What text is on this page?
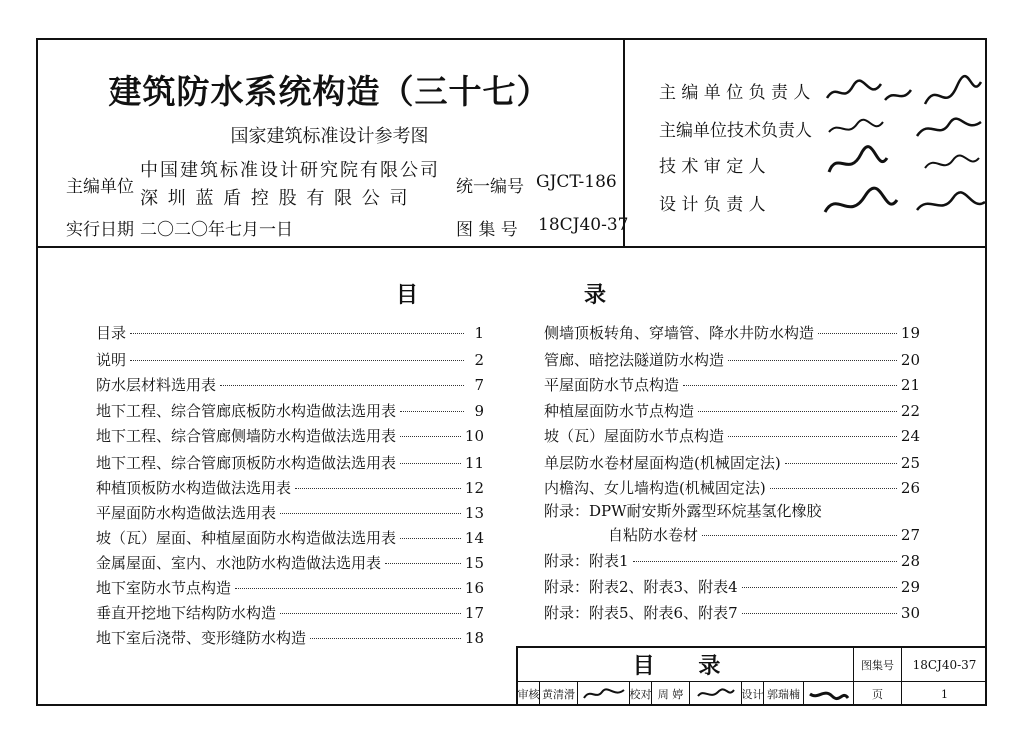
建筑防水系统构造（三十七）
国家建筑标准设计参考图
主编单位
中国建筑标准设计研究院有限公司
深 圳 蓝 盾 控 股 有 限 公 司
统一编号 GJCT-186
实行日期 二〇二〇年七月一日	图 集 号 18CJ40-37
主 编 单 位 负 责 人
主编单位技术负责人
技 术 审 定 人
设 计 负 责 人
目	录
目录	1
说明	2
防水层材料选用表	7
地下工程、综合管廊底板防水构造做法选用表	9
地下工程、综合管廊侧墙防水构造做法选用表	10
地下工程、综合管廊顶板防水构造做法选用表	11
种植顶板防水构造做法选用表	12
平屋面防水构造做法选用表	13
坡（瓦）屋面、种植屋面防水构造做法选用表	14
金属屋面、室内、水池防水构造做法选用表	15
地下室防水节点构造	16
垂直开挖地下结构防水构造	17
地下室后浇带、变形缝防水构造	18
侧墙顶板转角、穿墙管、降水井防水构造	19
管廊、暗挖法隧道防水构造	20
平屋面防水节点构造	21
种植屋面防水节点构造	22
坡（瓦）屋面防水节点构造	24
单层防水卷材屋面构造(机械固定法)	25
内檐沟、女儿墙构造(机械固定法)	26
附录：DPW耐安斯外露型环烷基氢化橡胶
自粘防水卷材	27
附录：附表1	28
附录：附表2、附表3、附表4	29
附录：附表5、附表6、附表7	30
目 录	图集号	18CJ40-37
审核 黄清滑	校对 周 婷	设计 郭瑞楠	页	1
